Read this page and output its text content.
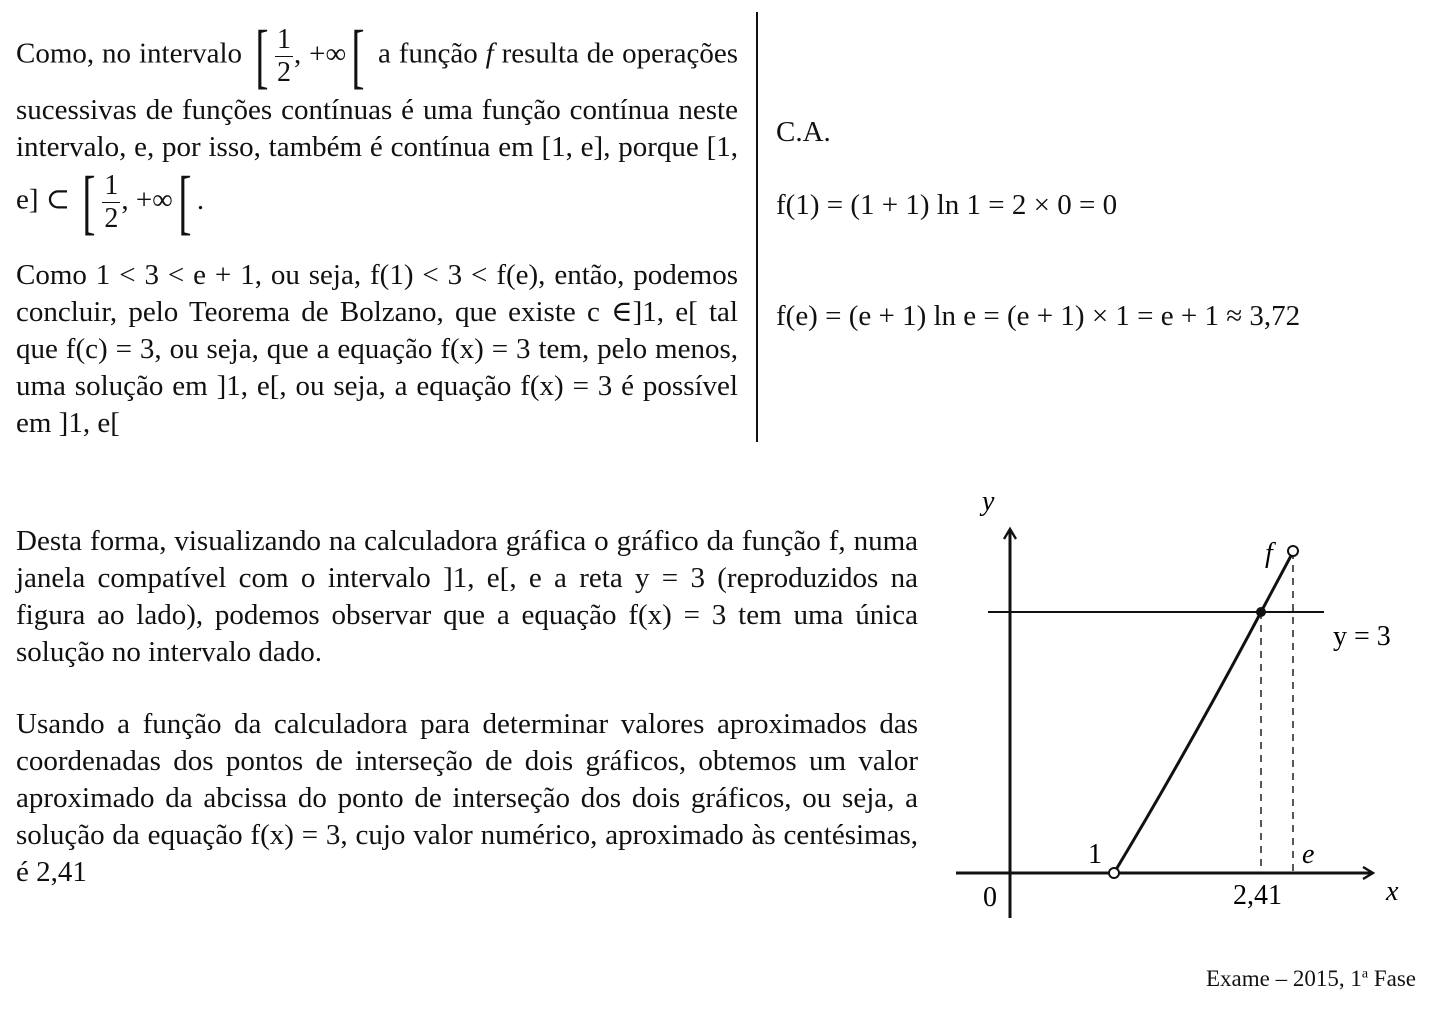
Como, no intervalo [ $\frac{1}{2}$ , +∞[ a função f resulta de operações sucessivas de funções contínuas é uma função contínua neste intervalo, e, por isso, também é contínua em [1, e], porque [1, e] ⊂ [ $\frac{1}{2}$ , +∞[ .

Como 1 < 3 < e + 1, ou seja, f(1) < 3 < f(e), então, podemos concluir, pelo Teorema de Bolzano, que existe c ∈]1, e[ tal que f(c) = 3, ou seja, que a equação f(x) = 3 tem, pelo menos, uma solução em ]1, e[, ou seja, a equação f(x) = 3 é possível em ]1, e[

C.A.
f(1) = (1 + 1) ln 1 = 2 × 0 = 0
f(e) = (e + 1) ln e = (e + 1) × 1 = e + 1 ≈ 3,72

Desta forma, visualizando na calculadora gráfica o gráfico da função f, numa janela compatível com o intervalo ]1, e[, e a reta y = 3 (reproduzidos na figura ao lado), podemos observar que a equação f(x) = 3 tem uma única solução no intervalo dado.

Usando a função da calculadora para determinar valores aproximados das coordenadas dos pontos de interseção de dois gráficos, obtemos um valor aproximado da abcissa do ponto de interseção dos dois gráficos, ou seja, a solução da equação f(x) = 3, cujo valor numérico, aproximado às centésimas, é 2,41

y
x
0
1	e
2,41
f
y = 3
Exame – 2015, 1$^a$ Fase
